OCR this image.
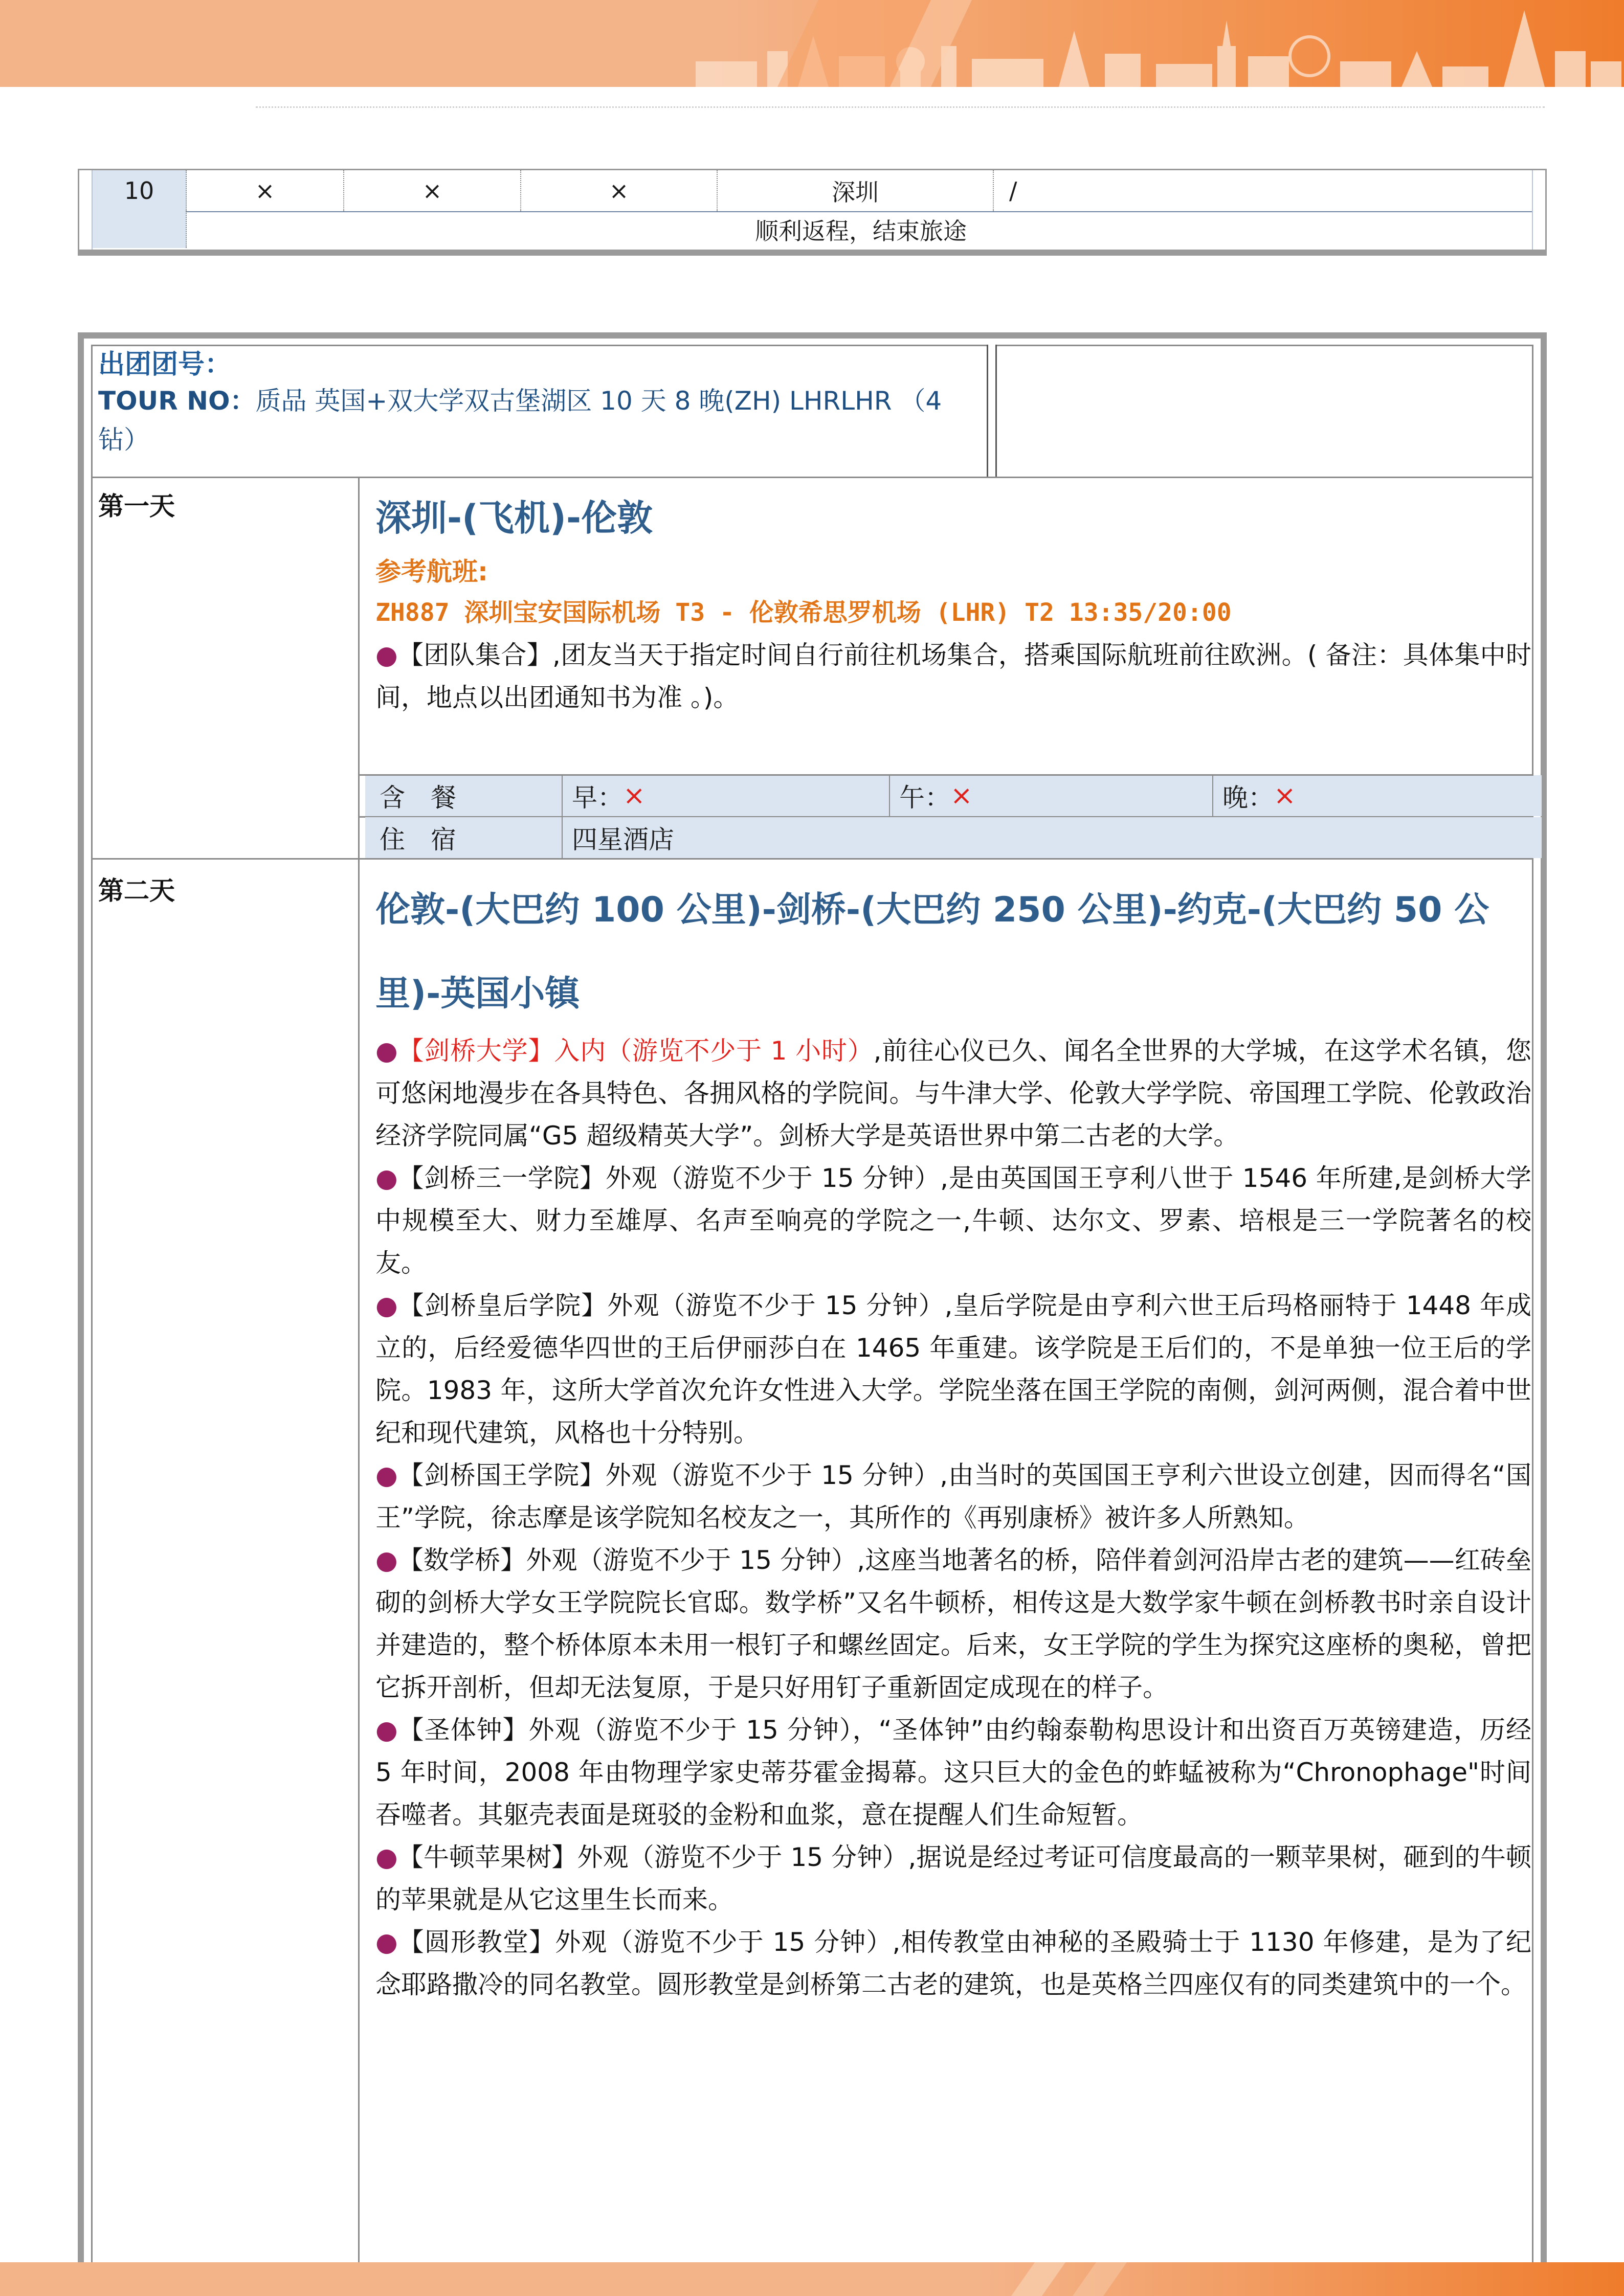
10	×	×	×	深圳	/
顺利返程，结束旅途
出团团号：
TOUR NO：质品 英国+双大学双古堡湖区 10 天 8 晚(ZH) LHRLHR （4
钻）
第一天	深圳-(飞机)-伦敦
参考航班:
ZH887 深圳宝安国际机场 T3 - 伦敦希思罗机场 (LHR) T2 13:35/20:00
●【团队集合】,团友当天于指定时间自行前往机场集合，搭乘国际航班前往欧洲。( 备注：具体集中时间，地点以出团通知书为准 。)。
含　餐	早： ×	午： ×	晚： ×
住　宿	四星酒店
第二天	伦敦-(大巴约 100 公里)-剑桥-(大巴约 250 公里)-约克-(大巴约 50 公里)-英国小镇
●【剑桥大学】入内（游览不少于 1 小时）,前往心仪已久、闻名全世界的大学城，在这学术名镇，您可悠闲地漫步在各具特色、各拥风格的学院间。与牛津大学、伦敦大学学院、帝国理工学院、伦敦政治经济学院同属“G5 超级精英大学”。剑桥大学是英语世界中第二古老的大学。
●【剑桥三一学院】外观（游览不少于 15 分钟）,是由英国国王亨利八世于 1546 年所建,是剑桥大学中规模至大、财力至雄厚、名声至响亮的学院之一,牛顿、达尔文、罗素、培根是三一学院著名的校友。
●【剑桥皇后学院】外观（游览不少于 15 分钟）,皇后学院是由亨利六世王后玛格丽特于 1448 年成立的，后经爱德华四世的王后伊丽莎白在 1465 年重建。该学院是王后们的，不是单独一位王后的学院。1983 年，这所大学首次允许女性进入大学。学院坐落在国王学院的南侧，剑河两侧，混合着中世纪和现代建筑，风格也十分特别。
●【剑桥国王学院】外观（游览不少于 15 分钟）,由当时的英国国王亨利六世设立创建，因而得名“国王”学院，徐志摩是该学院知名校友之一，其所作的《再别康桥》被许多人所熟知。
●【数学桥】外观（游览不少于 15 分钟）,这座当地著名的桥，陪伴着剑河沿岸古老的建筑——红砖垒砌的剑桥大学女王学院院长官邸。数学桥”又名牛顿桥，相传这是大数学家牛顿在剑桥教书时亲自设计并建造的，整个桥体原本未用一根钉子和螺丝固定。后来，女王学院的学生为探究这座桥的奥秘，曾把它拆开剖析，但却无法复原，于是只好用钉子重新固定成现在的样子。
●【圣体钟】外观（游览不少于 15 分钟），“圣体钟”由约翰泰勒构思设计和出资百万英镑建造，历经 5 年时间，2008 年由物理学家史蒂芬霍金揭幕。这只巨大的金色的蚱蜢被称为“Chronophage"时间吞噬者。其躯壳表面是斑驳的金粉和血浆，意在提醒人们生命短暂。
●【牛顿苹果树】外观（游览不少于 15 分钟）,据说是经过考证可信度最高的一颗苹果树，砸到的牛顿的苹果就是从它这里生长而来。
●【圆形教堂】外观（游览不少于 15 分钟）,相传教堂由神秘的圣殿骑士于 1130 年修建，是为了纪念耶路撒冷的同名教堂。圆形教堂是剑桥第二古老的建筑，也是英格兰四座仅有的同类建筑中的一个。
